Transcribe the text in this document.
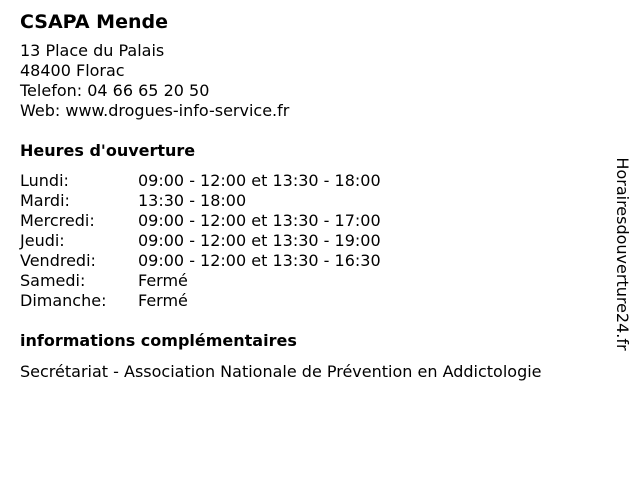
CSAPA Mende
13 Place du Palais
48400 Florac
Telefon: 04 66 65 20 50
Web: www.drogues-info-service.fr
Heures d'ouverture
Lundi:	09:00 - 12:00 et 13:30 - 18:00
Mardi:	13:30 - 18:00
Mercredi:	09:00 - 12:00 et 13:30 - 17:00
Jeudi:	09:00 - 12:00 et 13:30 - 19:00
Vendredi:	09:00 - 12:00 et 13:30 - 16:30
Samedi:	Fermé
Dimanche:	Fermé
informations complémentaires
Secrétariat - Association Nationale de Prévention en Addictologie
Horairesdouverture24.fr
